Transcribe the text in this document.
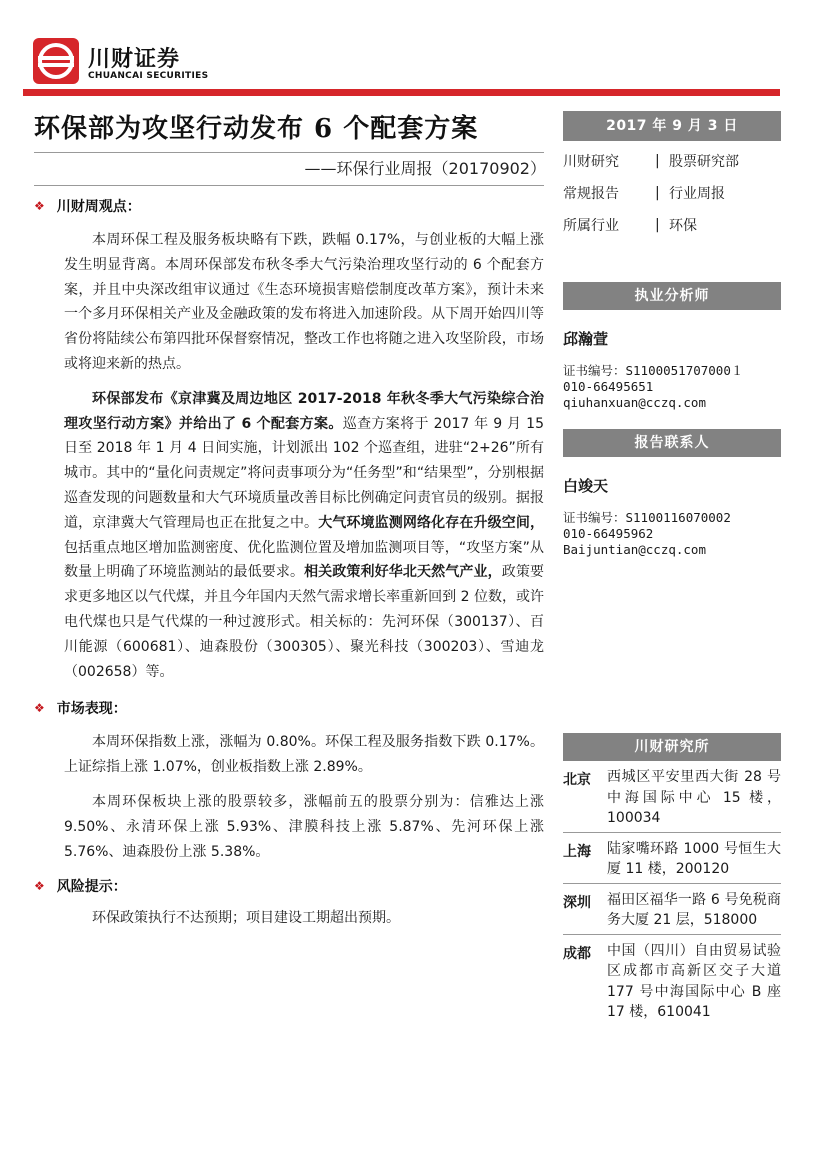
川财证券
CHUANCAI SECURITIES
环保部为攻坚行动发布 6 个配套方案
——环保行业周报（20170902）
❖ 川财周观点：

本周环保工程及服务板块略有下跌，跌幅 0.17%，与创业板的大幅上涨发生明显背离。本周环保部发布秋冬季大气污染治理攻坚行动的 6 个配套方案，并且中央深改组审议通过《生态环境损害赔偿制度改革方案》，预计未来一个多月环保相关产业及金融政策的发布将进入加速阶段。从下周开始四川等省份将陆续公布第四批环保督察情况，整改工作也将随之进入攻坚阶段，市场或将迎来新的热点。

环保部发布《京津冀及周边地区 2017-2018 年秋冬季大气污染综合治理攻坚行动方案》并给出了 6 个配套方案。巡查方案将于 2017 年 9 月 15 日至 2018 年 1 月 4 日间实施，计划派出 102 个巡查组，进驻“2+26”所有城市。其中的“量化问责规定”将问责事项分为“任务型”和“结果型”，分别根据巡查发现的问题数量和大气环境质量改善目标比例确定问责官员的级别。据报道，京津冀大气管理局也正在批复之中。大气环境监测网络化存在升级空间，包括重点地区增加监测密度、优化监测位置及增加监测项目等，“攻坚方案”从数量上明确了环境监测站的最低要求。相关政策利好华北天然气产业，政策要求更多地区以气代煤，并且今年国内天然气需求增长率重新回到 2 位数，或许电代煤也只是气代煤的一种过渡形式。相关标的：先河环保（300137）、百川能源（600681）、迪森股份（300305）、聚光科技（300203）、雪迪龙（002658）等。

❖ 市场表现：

本周环保指数上涨，涨幅为 0.80%。环保工程及服务指数下跌 0.17%。上证综指上涨 1.07%，创业板指数上涨 2.89%。

本周环保板块上涨的股票较多，涨幅前五的股票分别为：信雅达上涨 9.50%、永清环保上涨 5.93%、津膜科技上涨 5.87%、先河环保上涨 5.76%、迪森股份上涨 5.38%。

❖ 风险提示：

环保政策执行不达预期；项目建设工期超出预期。

2017 年 9 月 3 日
川财研究	| 股票研究部
常规报告	| 行业周报
所属行业	| 环保
执业分析师
邱瀚萱
证书编号：S1100051707000１
010-66495651
qiuhanxuan@cczq.com
报告联系人
白竣天
证书编号：S1100116070002
010-66495962
Baijuntian@cczq.com
川财研究所
北京	西城区平安里西大街 28 号中海国际中心 15 楼，100034
上海	陆家嘴环路 1000 号恒生大厦 11 楼，200120
深圳	福田区福华一路 6 号免税商务大厦 21 层，518000
成都	中国（四川）自由贸易试验区成都市高新区交子大道 177 号中海国际中心 B 座 17 楼，610041
